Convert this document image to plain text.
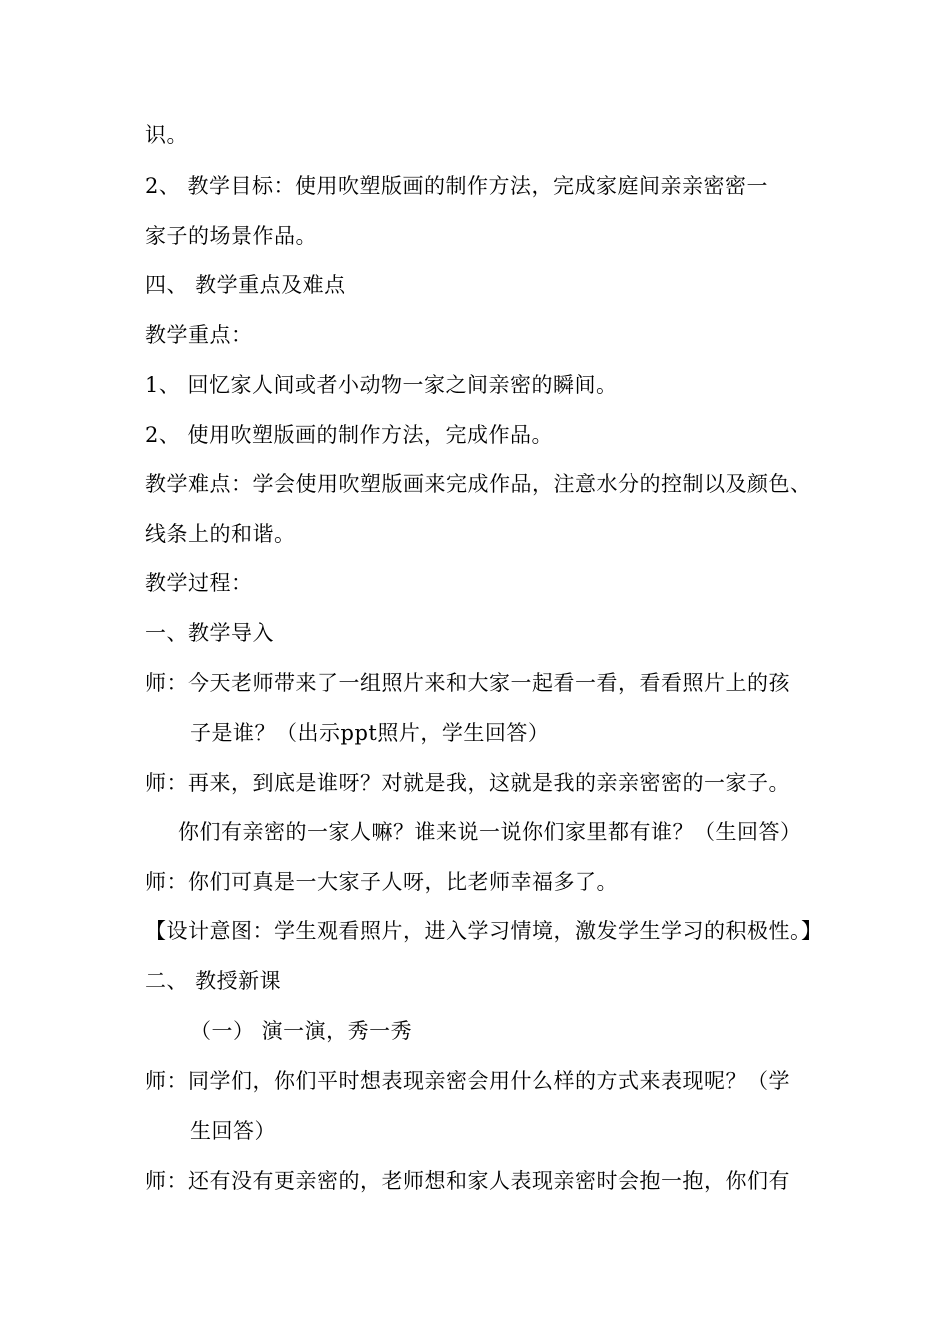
识。
2、 教学目标：使用吹塑版画的制作方法，完成家庭间亲亲密密一
家子的场景作品。
四、 教学重点及难点
教学重点：
1、 回忆家人间或者小动物一家之间亲密的瞬间。
2、 使用吹塑版画的制作方法，完成作品。
教学难点：学会使用吹塑版画来完成作品，注意水分的控制以及颜色、
线条上的和谐。
教学过程：
一、教学导入
师：今天老师带来了一组照片来和大家一起看一看，看看照片上的孩
子是谁？（出示ppt照片，学生回答）
师：再来，到底是谁呀？对就是我，这就是我的亲亲密密的一家子。
你们有亲密的一家人嘛？谁来说一说你们家里都有谁？（生回答）
师：你们可真是一大家子人呀，比老师幸福多了。
【设计意图：学生观看照片，进入学习情境，激发学生学习的积极性。】
二、 教授新课
（一） 演一演，秀一秀
师：同学们，你们平时想表现亲密会用什么样的方式来表现呢？（学
生回答）
师：还有没有更亲密的，老师想和家人表现亲密时会抱一抱，你们有
